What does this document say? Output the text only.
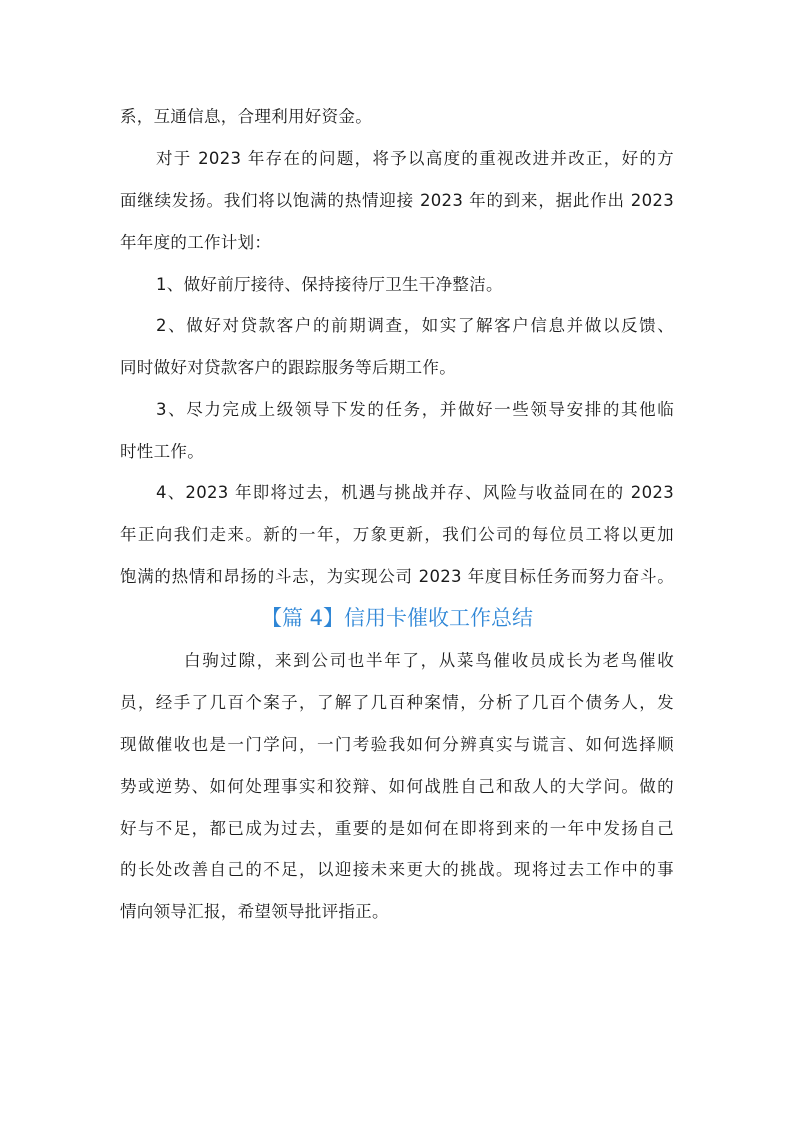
系，互通信息，合理利用好资金。
对于 2023 年存在的问题，将予以高度的重视改进并改正，好的方
面继续发扬。我们将以饱满的热情迎接 2023 年的到来，据此作出 2023
年年度的工作计划：
1、做好前厅接待、保持接待厅卫生干净整洁。
2、做好对贷款客户的前期调查，如实了解客户信息并做以反馈、
同时做好对贷款客户的跟踪服务等后期工作。
3、尽力完成上级领导下发的任务，并做好一些领导安排的其他临
时性工作。
4、2023 年即将过去，机遇与挑战并存、风险与收益同在的 2023
年正向我们走来。新的一年，万象更新，我们公司的每位员工将以更加
饱满的热情和昂扬的斗志，为实现公司 2023 年度目标任务而努力奋斗。
【篇 4】信用卡催收工作总结
白驹过隙，来到公司也半年了，从菜鸟催收员成长为老鸟催收
员，经手了几百个案子，了解了几百种案情，分析了几百个债务人，发
现做催收也是一门学问，一门考验我如何分辨真实与谎言、如何选择顺
势或逆势、如何处理事实和狡辩、如何战胜自己和敌人的大学问。做的
好与不足，都已成为过去，重要的是如何在即将到来的一年中发扬自己
的长处改善自己的不足，以迎接未来更大的挑战。现将过去工作中的事
情向领导汇报，希望领导批评指正。
